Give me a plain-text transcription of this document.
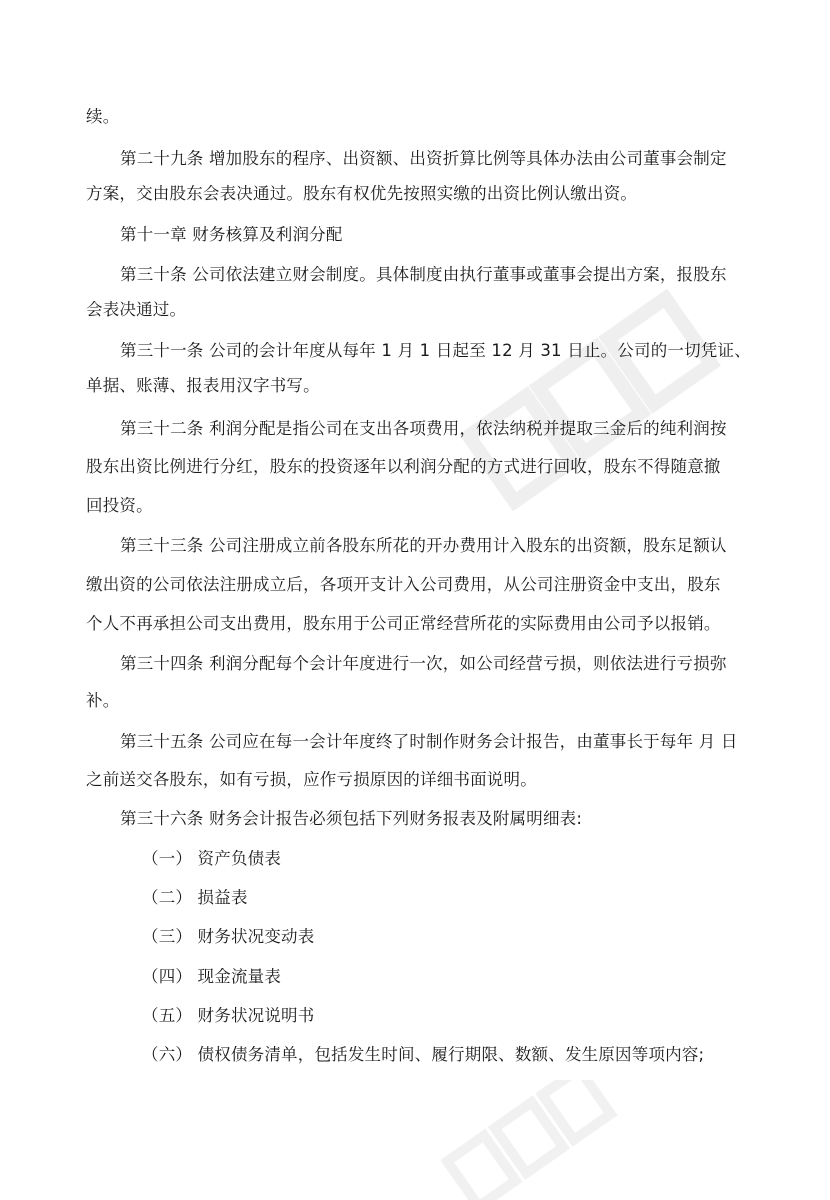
续。
第二十九条 增加股东的程序、出资额、出资折算比例等具体办法由公司董事会制定
方案，交由股东会表决通过。股东有权优先按照实缴的出资比例认缴出资。
第十一章 财务核算及利润分配
第三十条 公司依法建立财会制度。具体制度由执行董事或董事会提出方案，报股东
会表决通过。
第三十一条 公司的会计年度从每年 1 月 1 日起至 12 月 31 日止。公司的一切凭证、
单据、账薄、报表用汉字书写。
第三十二条 利润分配是指公司在支出各项费用，依法纳税并提取三金后的纯利润按
股东出资比例进行分红，股东的投资逐年以利润分配的方式进行回收，股东不得随意撤
回投资。
第三十三条 公司注册成立前各股东所花的开办费用计入股东的出资额，股东足额认
缴出资的公司依法注册成立后，各项开支计入公司费用，从公司注册资金中支出，股东
个人不再承担公司支出费用，股东用于公司正常经营所花的实际费用由公司予以报销。
第三十四条 利润分配每个会计年度进行一次，如公司经营亏损，则依法进行亏损弥
补。
第三十五条 公司应在每一会计年度终了时制作财务会计报告，由董事长于每年 月 日
之前送交各股东，如有亏损，应作亏损原因的详细书面说明。
第三十六条 财务会计报告必须包括下列财务报表及附属明细表:
（一） 资产负债表
（二） 损益表
（三） 财务状况变动表
（四） 现金流量表
（五） 财务状况说明书
（六） 债权债务清单，包括发生时间、履行期限、数额、发生原因等项内容;
